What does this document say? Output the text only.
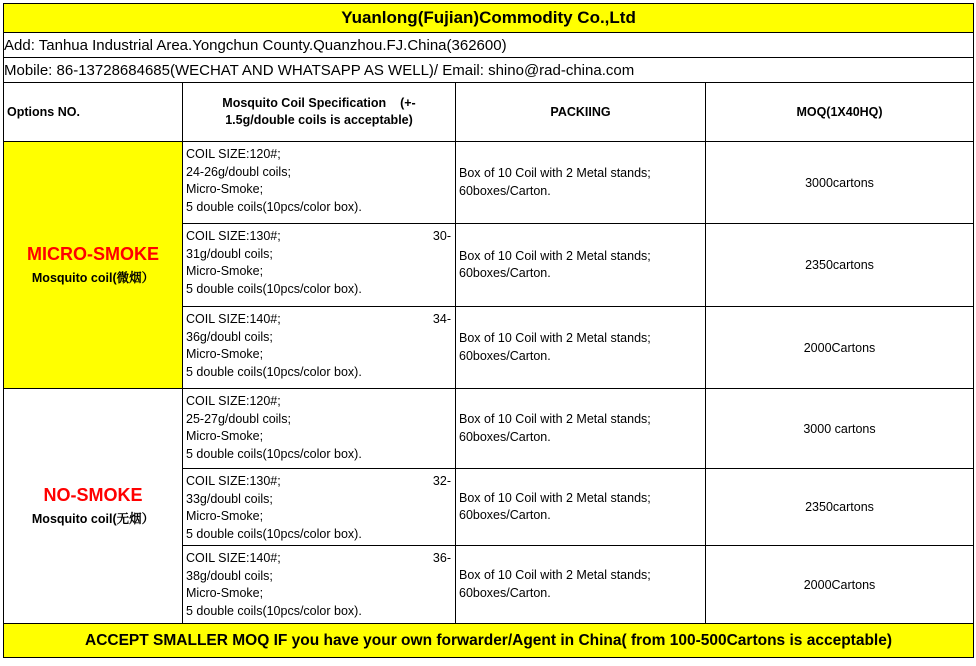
Yuanlong(Fujian)Commodity Co.,Ltd			
Add: Tanhua Industrial Area.Yongchun County.Quanzhou.FJ.China(362600)			
Mobile: 86-13728684685(WECHAT AND WHATSAPP AS WELL)/ Email: shino@rad-china.com			
Options NO.	Mosquito Coil Specification    (+-
1.5g/double coils is acceptable)	PACKIING	MOQ(1X40HQ)

MICRO-SMOKE
Mosquito coil(微烟）	COIL SIZE:120#;
24-26g/doubl coils;
Micro-Smoke;
5 double coils(10pcs/color box).	Box of 10 Coil with 2 Metal stands;
60boxes/Carton.	3000cartons

	COIL SIZE:130#;
31g/doubl coils;
Micro-Smoke;
5 double coils(10pcs/color box).
30-	Box of 10 Coil with 2 Metal stands;
60boxes/Carton.	2350cartons

	COIL SIZE:140#;
36g/doubl coils;
Micro-Smoke;
5 double coils(10pcs/color box).
34-	Box of 10 Coil with 2 Metal stands;
60boxes/Carton.	2000Cartons

NO-SMOKE
Mosquito coil(无烟）	COIL SIZE:120#;
25-27g/doubl coils;
Micro-Smoke;
5 double coils(10pcs/color box).	Box of 10 Coil with 2 Metal stands;
60boxes/Carton.	3000 cartons

	COIL SIZE:130#;
33g/doubl coils;
Micro-Smoke;
5 double coils(10pcs/color box).
32-	Box of 10 Coil with 2 Metal stands;
60boxes/Carton.	2350cartons

	COIL SIZE:140#;
38g/doubl coils;
Micro-Smoke;
5 double coils(10pcs/color box).
36-	Box of 10 Coil with 2 Metal stands;
60boxes/Carton.	2000Cartons
ACCEPT SMALLER MOQ IF you have your own forwarder/Agent in China( from 100-500Cartons is acceptable)			
